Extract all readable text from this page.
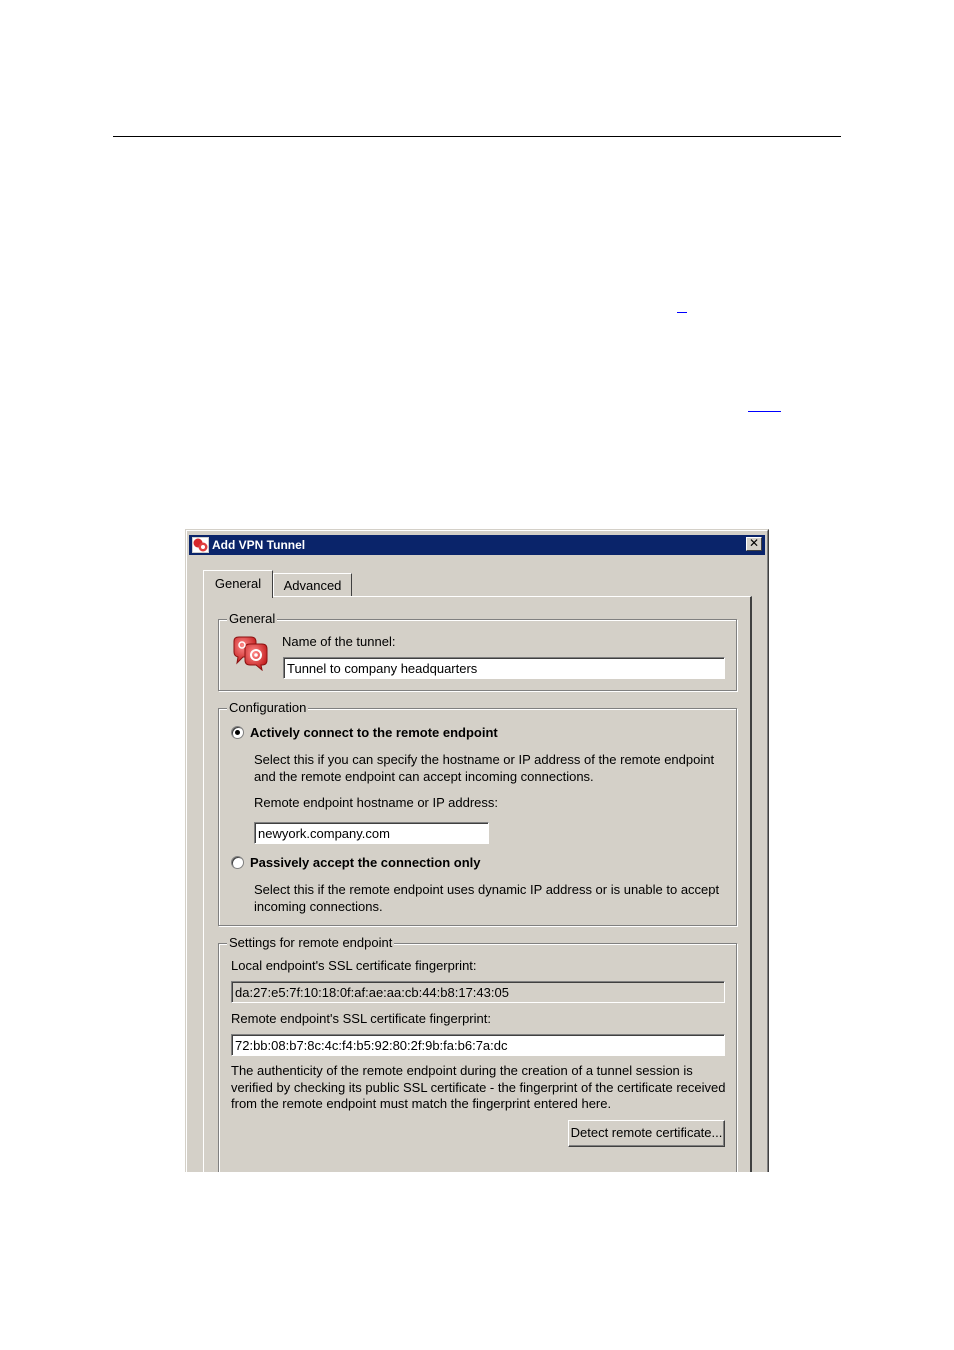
Add VPN Tunnel	✕
General	Advanced
General
Name of the tunnel:
Tunnel to company headquarters
Configuration
Actively connect to the remote endpoint
Select this if you can specify the hostname or IP address of the remote endpoint and the remote endpoint can accept incoming connections.
Remote endpoint hostname or IP address:
newyork.company.com
Passively accept the connection only
Select this if the remote endpoint uses dynamic IP address or is unable to accept incoming connections.
Settings for remote endpoint
Local endpoint's SSL certificate fingerprint:
da:27:e5:7f:10:18:0f:af:ae:aa:cb:44:b8:17:43:05
Remote endpoint's SSL certificate fingerprint:
72:bb:08:b7:8c:4c:f4:b5:92:80:2f:9b:fa:b6:7a:dc
The authenticity of the remote endpoint during the creation of a tunnel session is verified by checking its public SSL certificate - the fingerprint of the certificate received from the remote endpoint must match the fingerprint entered here.
Detect remote certificate...
